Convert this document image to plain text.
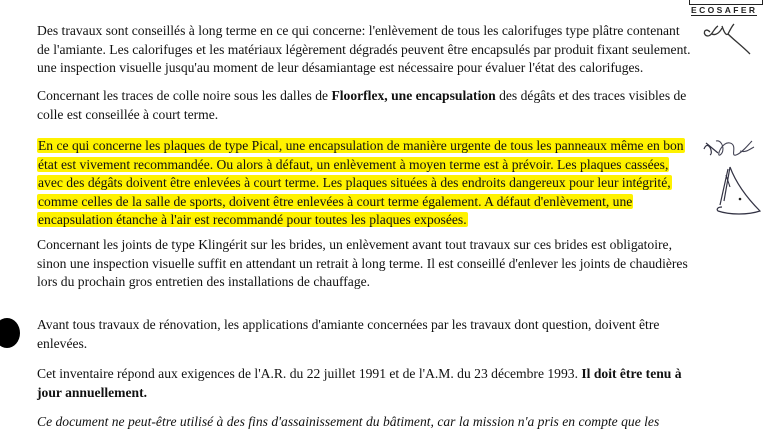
ECOSAFER
Des travaux sont conseillés à long terme en ce qui concerne: l'enlèvement de tous les calorifuges type plâtre contenant
de l'amiante. Les calorifuges et les matériaux légèrement dégradés peuvent être encapsulés par produit fixant seulement.
une inspection visuelle jusqu'au moment de leur désamiantage est nécessaire pour évaluer l'état des calorifuges.
Concernant les traces de colle noire sous les dalles de Floorflex, une encapsulation des dégâts et des traces visibles de
colle est conseillée à court terme.
En ce qui concerne les plaques de type Pical, une encapsulation de manière urgente de tous les panneaux même en bon
état est vivement recommandée. Ou alors à défaut, un enlèvement à moyen terme est à prévoir. Les plaques cassées,
avec des dégâts doivent être enlevées à court terme. Les plaques situées à des endroits dangereux pour leur intégrité,
comme celles de la salle de sports, doivent être enlevées à court terme également. A défaut d'enlèvement, une
encapsulation étanche à l'air est recommandé pour toutes les plaques exposées.
Concernant les joints de type Klingérit sur les brides, un enlèvement avant tout travaux sur ces brides est obligatoire,
sinon une inspection visuelle suffit en attendant un retrait à long terme. Il est conseillé d'enlever les joints de chaudières
lors du prochain gros entretien des installations de chauffage.
Avant tous travaux de rénovation, les applications d'amiante concernées par les travaux dont question, doivent être
enlevées.
Cet inventaire répond aux exigences de l'A.R. du 22 juillet 1991 et de l'A.M. du 23 décembre 1993. Il doit être tenu à
jour annuellement.
Ce document ne peut-être utilisé à des fins d'assainissement du bâtiment, car la mission n'a pris en compte que les
